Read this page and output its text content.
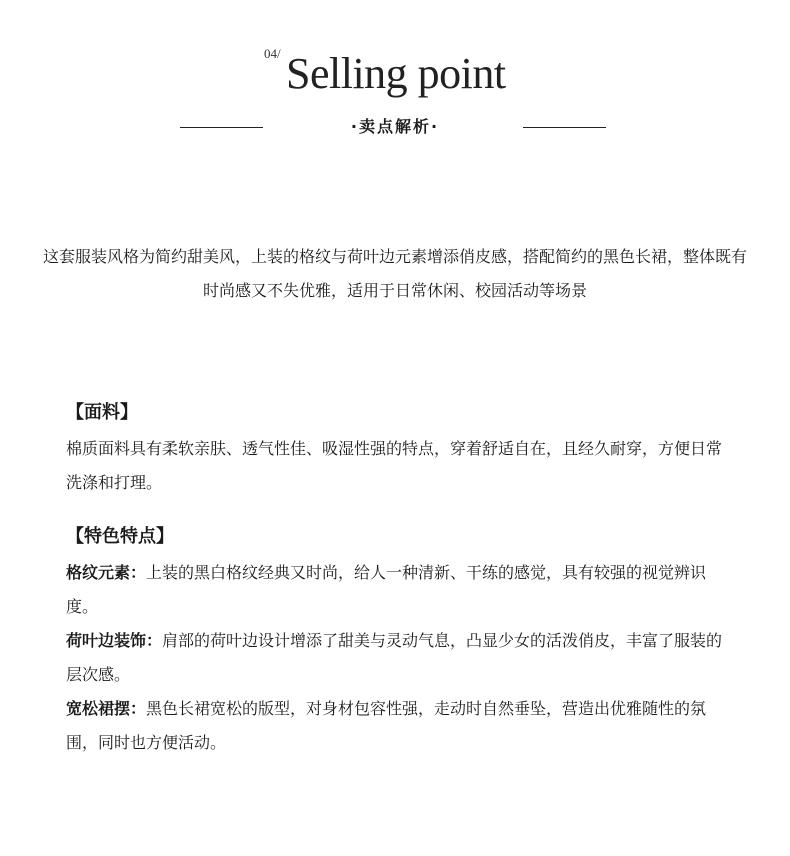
04/ Selling point
·卖点解析·
这套服装风格为简约甜美风，上装的格纹与荷叶边元素增添俏皮感，搭配简约的黑色长裙，整体既有时尚感又不失优雅，适用于日常休闲、校园活动等场景
【面料】

棉质面料具有柔软亲肤、透气性佳、吸湿性强的特点，穿着舒适自在，且经久耐穿，方便日常洗涤和打理。

【特色特点】

格纹元素：上装的黑白格纹经典又时尚，给人一种清新、干练的感觉，具有较强的视觉辨识度。

荷叶边装饰：肩部的荷叶边设计增添了甜美与灵动气息，凸显少女的活泼俏皮，丰富了服装的层次感。

宽松裙摆：黑色长裙宽松的版型，对身材包容性强，走动时自然垂坠，营造出优雅随性的氛围，同时也方便活动。
